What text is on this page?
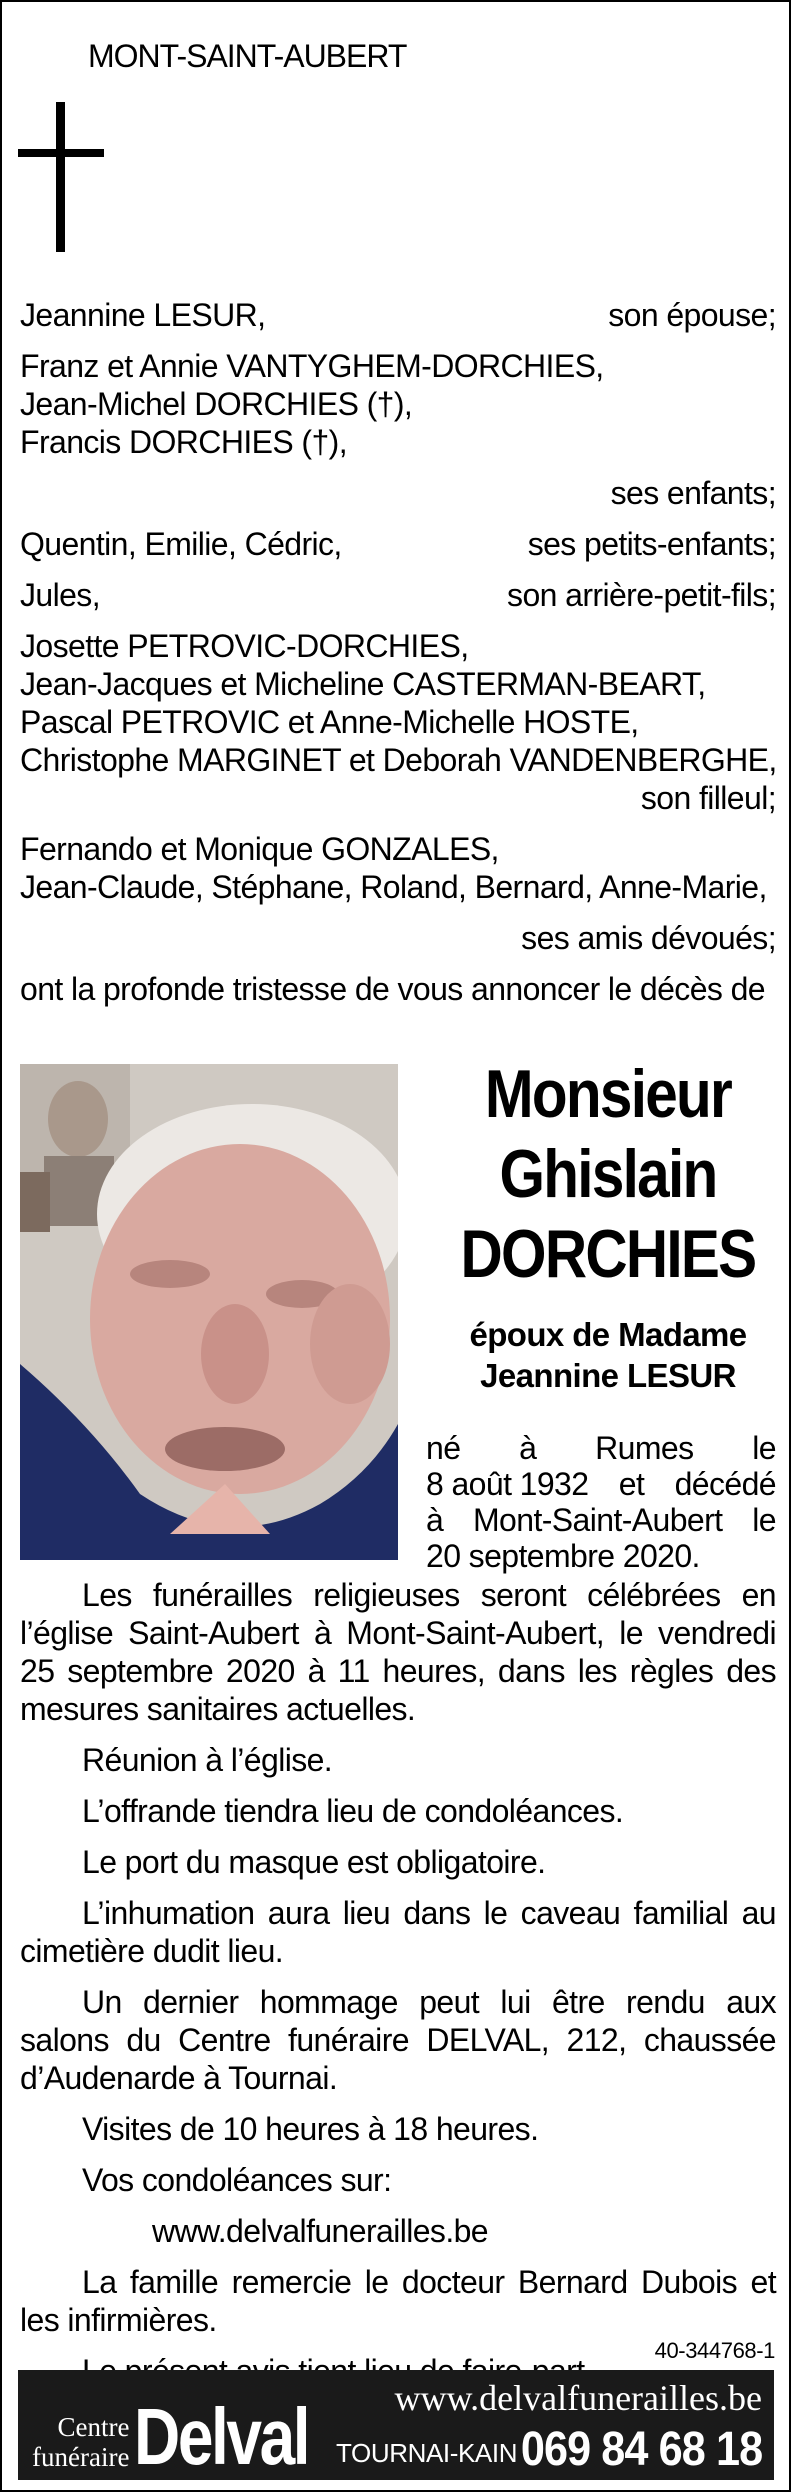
MONT-SAINT-AUBERT
Jeannine LESUR,	son épouse;
Franz et Annie VANTYGHEM-DORCHIES,
Jean-Michel DORCHIES (†),
Francis DORCHIES (†),
ses enfants;
Quentin, Emilie, Cédric,	ses petits-enfants;
Jules,	son arrière-petit-fils;
Josette PETROVIC-DORCHIES,
Jean-Jacques et Micheline CASTERMAN-BEART,
Pascal PETROVIC et Anne-Michelle HOSTE,
Christophe MARGINET et Deborah VANDENBERGHE,
son filleul;
Fernando et Monique GONZALES,
Jean-Claude, Stéphane, Roland, Bernard, Anne-Marie,
ses amis dévoués;
ont la profonde tristesse de vous annoncer le décès de
Monsieur
Ghislain
DORCHIES
époux de Madame
Jeannine LESUR
né à Rumes le
8 août 1932 et décédé
à Mont-Saint-Aubert le
20 septembre 2020.
Les funérailles religieuses seront célébrées en l’église Saint-Aubert à Mont-Saint-Aubert, le vendredi 25 septembre 2020 à 11 heures, dans les règles des mesures sanitaires actuelles.
Réunion à l’église.
L’offrande tiendra lieu de condoléances.
Le port du masque est obligatoire.
L’inhumation aura lieu dans le caveau familial au cimetière dudit lieu.
Un dernier hommage peut lui être rendu aux salons du Centre funéraire DELVAL, 212, chaussée d’Audenarde à Tournai.
Visites de 10 heures à 18 heures.
Vos condoléances sur:
www.delvalfunerailles.be
La famille remercie le docteur Bernard Dubois et les infirmières.
40-344768-1
Centre
funéraire Delval www.delvalfunerailles.be
TOURNAI-KAIN 069 84 68 18
